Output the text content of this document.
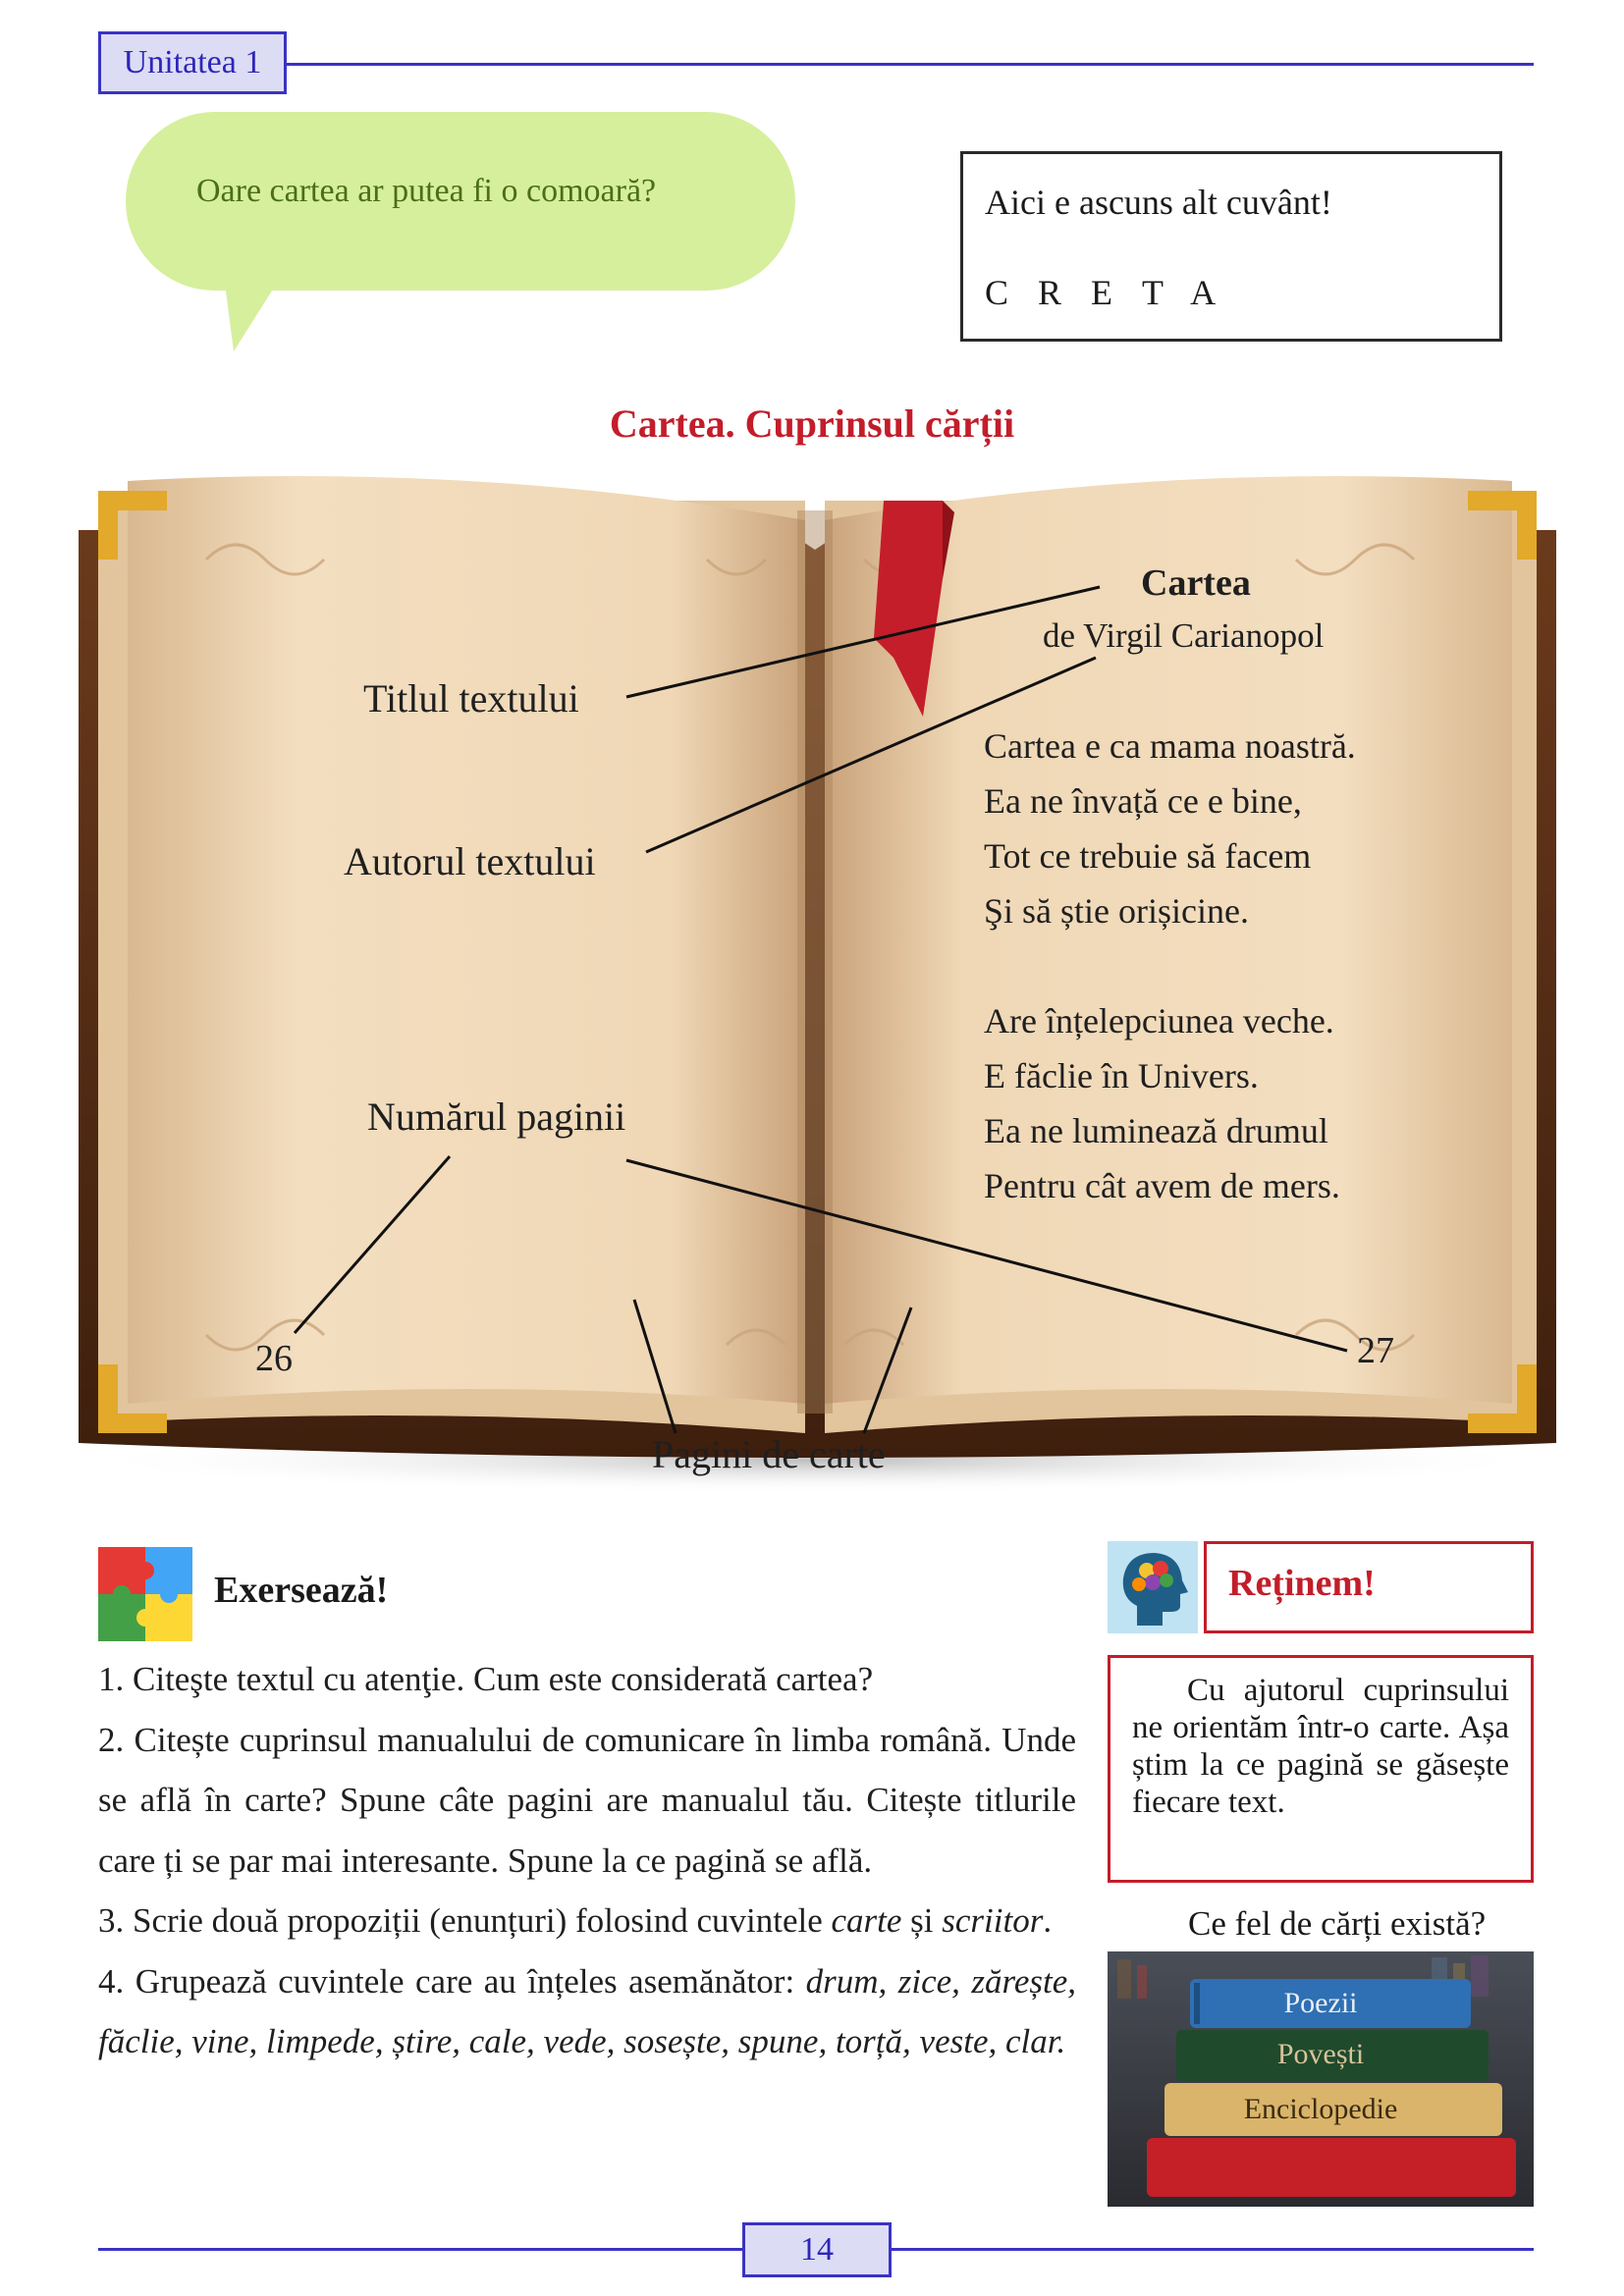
Unitatea 1
Oare cartea ar putea fi o comoară?	Aici e ascuns alt cuvânt!
CRETA
Cartea. Cuprinsul cărții
Titlul textului
Autorul textului
Numărul paginii
Pagini de carte
Cartea
de Virgil Carianopol
Cartea e ca mama noastră.
Ea ne învață ce e bine,
Tot ce trebuie să facem
Şi să știe orișicine.
Are înțelepciunea veche.
E făclie în Univers.
Ea ne luminează drumul
Pentru cât avem de mers.
26	27
Exersează!
1. Citeşte textul cu atenţie. Cum este considerată cartea?
2. Citește cuprinsul manualului de comunicare în limba română. Unde se află în carte? Spune câte pagini are manualul tău. Citește titlurile care ți se par mai interesante. Spune la ce pagină se află.
3. Scrie două propoziții (enunțuri) folosind cuvintele carte și scriitor.
4. Grupează cuvintele care au înțeles asemănător: drum, zice, zărește, făclie, vine, limpede, știre, cale, vede, sosește, spune, torță, veste, clar.
Reținem!
Cu ajutorul cuprinsului ne orientăm într-o carte. Așa știm la ce pagină se găsește fiecare text.
Ce fel de cărți există?
Poezii
Povești
Enciclopedie
14
